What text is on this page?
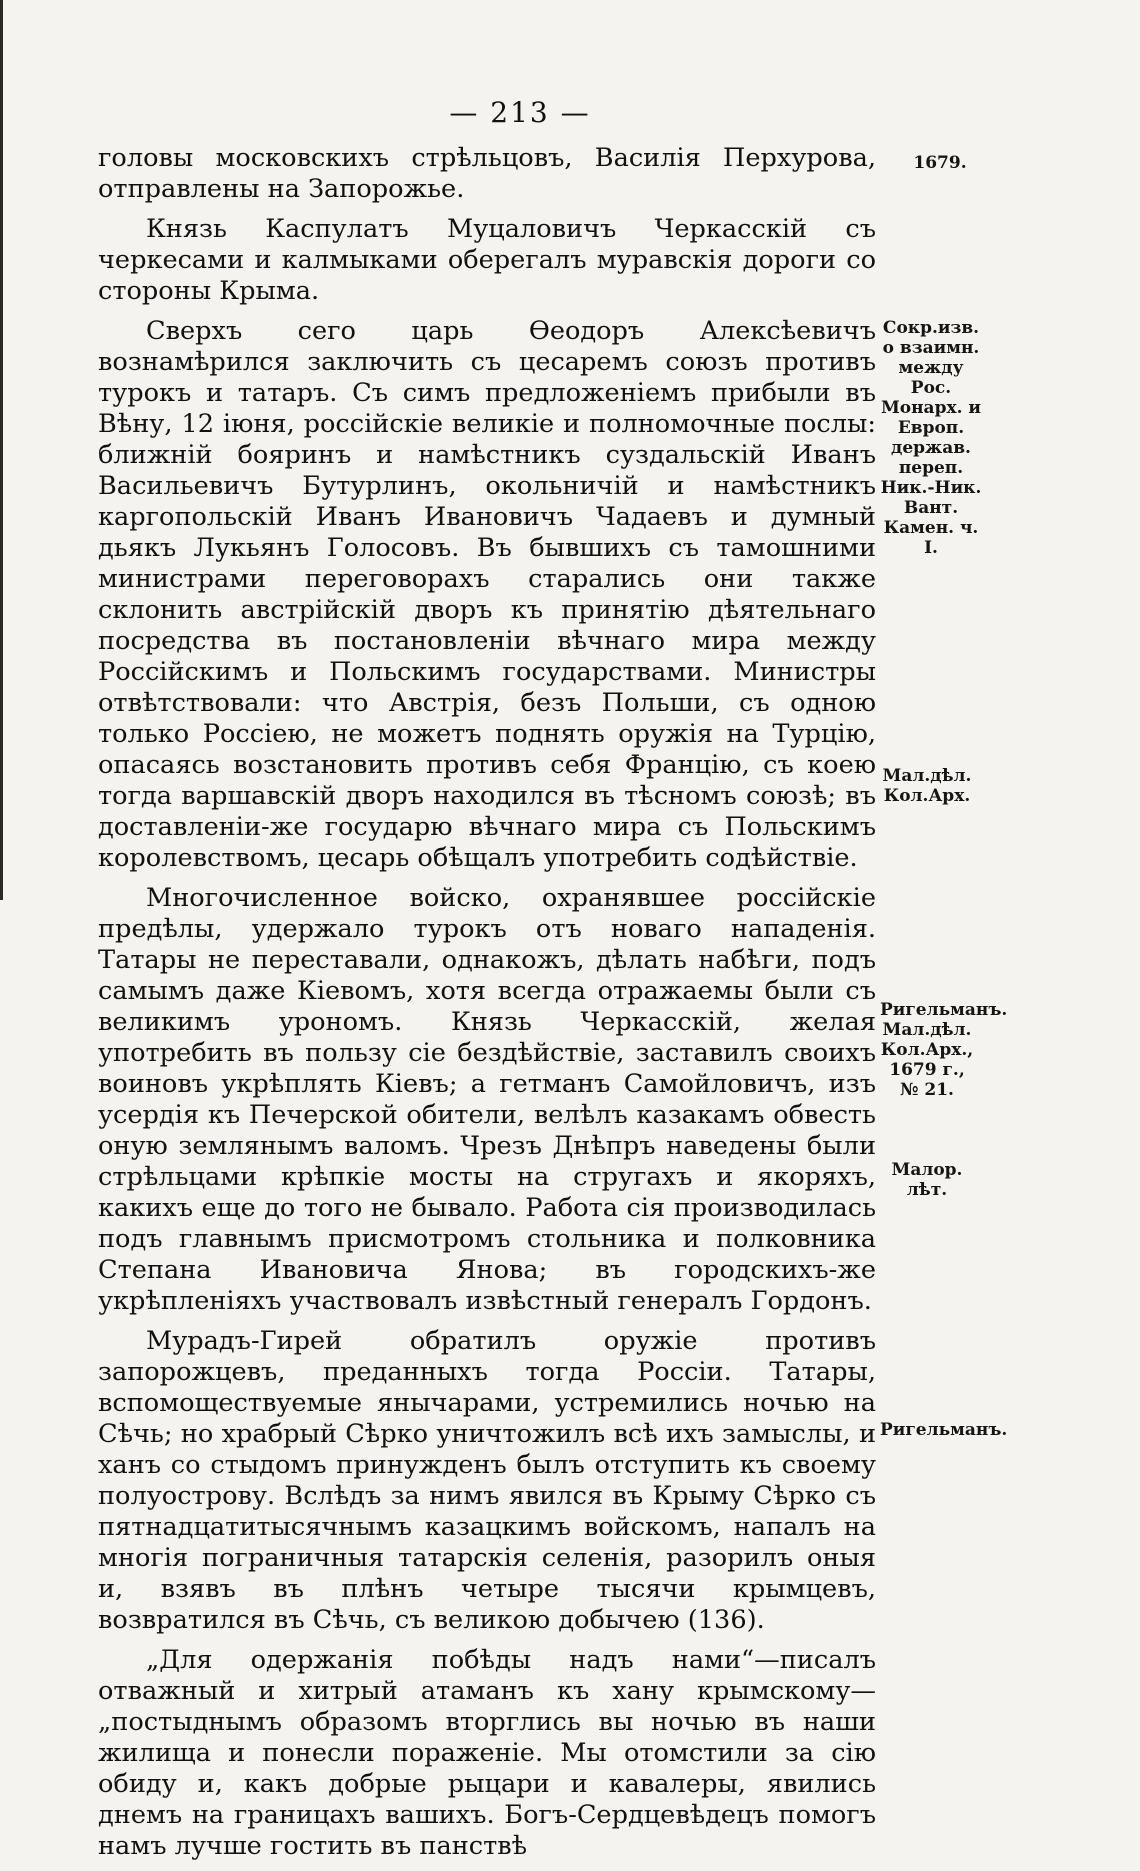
— 213 —

головы московскихъ стрѣльцовъ, Василія Перхурова, отправлены на Запорожье.

Князь Каспулатъ Муцаловичъ Черкасскій съ черкесами и калмыками оберегалъ муравскія дороги со стороны Крыма.

Сверхъ сего царь Ѳеодоръ Алексѣевичъ вознамѣрился заключить съ цесаремъ союзъ противъ турокъ и татаръ. Съ симъ предложеніемъ прибыли въ Вѣну, 12 іюня, россійскіе великіе и полномочные послы: ближній бояринъ и намѣстникъ суздальскій Иванъ Васильевичъ Бутурлинъ, окольничій и намѣстникъ каргопольскій Иванъ Ивановичъ Чадаевъ и думный дьякъ Лукьянъ Голосовъ. Въ бывшихъ съ тамошними министрами переговорахъ старались они также склонить австрійскій дворъ къ принятію дѣятельнаго посредства въ постановленіи вѣчнаго мира между Россійскимъ и Польскимъ государствами. Министры отвѣтствовали: что Австрія, безъ Польши, съ одною только Россіею, не можетъ поднять оружія на Турцію, опасаясь возстановить противъ себя Францію, съ коею тогда варшавскій дворъ находился въ тѣсномъ союзѣ; въ доставленіи-же государю вѣчнаго мира съ Польскимъ королевствомъ, цесарь обѣщалъ употребить содѣйствіе.

Многочисленное войско, охранявшее россійскіе предѣлы, удержало турокъ отъ новаго нападенія. Татары не переставали, однакожъ, дѣлать набѣги, подъ самымъ даже Кіевомъ, хотя всегда отражаемы были съ великимъ урономъ. Князь Черкасскій, желая употребить въ пользу сіе бездѣйствіе, заставилъ своихъ воиновъ укрѣплять Кіевъ; а гетманъ Самойловичъ, изъ усердія къ Печерской обители, велѣлъ казакамъ обвесть оную землянымъ валомъ. Чрезъ Днѣпръ наведены были стрѣльцами крѣпкіе мосты на стругахъ и якоряхъ, какихъ еще до того не бывало. Работа сія производилась подъ главнымъ присмотромъ стольника и полковника Степана Ивановича Янова; въ городскихъ-же укрѣпленіяхъ участвовалъ извѣстный генералъ Гордонъ.

Мурадъ-Гирей обратилъ оружіе противъ запорожцевъ, преданныхъ тогда Россіи. Татары, вспомоществуемые янычарами, устремились ночью на Сѣчь; но храбрый Сѣрко уничтожилъ всѣ ихъ замыслы, и ханъ со стыдомъ принужденъ былъ отступить къ своему полуострову. Вслѣдъ за нимъ явился въ Крыму Сѣрко съ пятнадцатитысячнымъ казацкимъ войскомъ, напалъ на многія пограничныя татарскія селенія, разорилъ оныя и, взявъ въ плѣнъ четыре тысячи крымцевъ, возвратился въ Сѣчь, съ великою добычею (136).

„Для одержанія побѣды надъ нами“—писалъ отважный и хитрый атаманъ къ хану крымскому—„постыднымъ образомъ вторглись вы ночью въ наши жилища и понесли пораженіе. Мы отомстили за сію обиду и, какъ добрые рыцари и кавалеры, явились днемъ на границахъ вашихъ. Богъ-Сердцевѣдецъ помогъ намъ лучше гостить въ панствѣ

1679.
Сокр.изв. о взаимн. между Рос. Монарх. и Европ. держав. переп. Ник.-Ник. Вант. Камен. ч. I.
Мал.дѣл. Кол.Арх.
Ригельманъ. Мал.дѣл. Кол.Арх., 1679 г., № 21.
Малор. лѣт.
Ригельманъ.
